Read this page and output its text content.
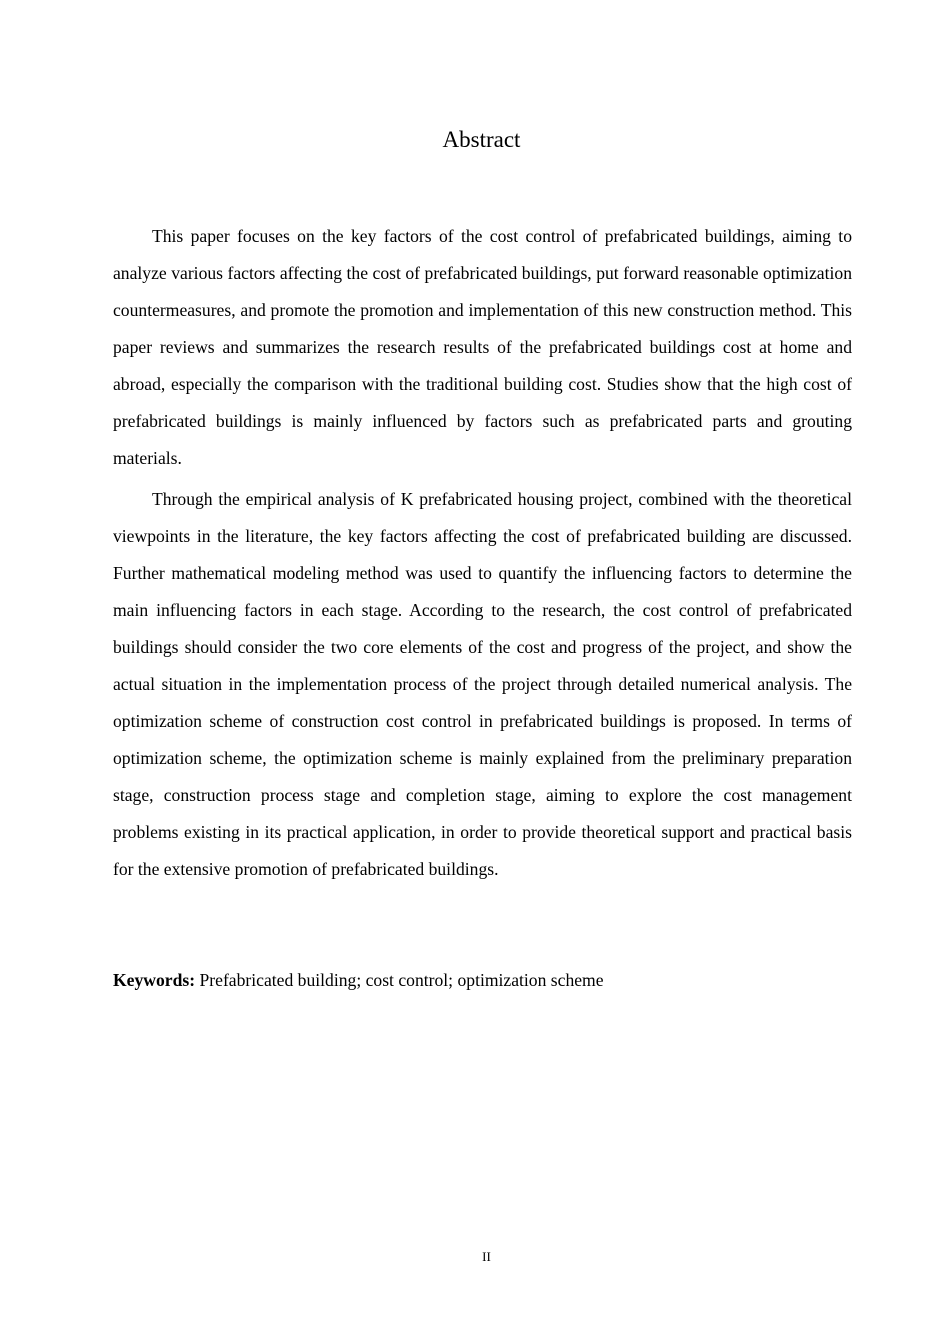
Abstract

This paper focuses on the key factors of the cost control of prefabricated buildings, aiming to analyze various factors affecting the cost of prefabricated buildings, put forward reasonable optimization countermeasures, and promote the promotion and implementation of this new construction method. This paper reviews and summarizes the research results of the prefabricated buildings cost at home and abroad, especially the comparison with the traditional building cost. Studies show that the high cost of prefabricated buildings is mainly influenced by factors such as prefabricated parts and grouting materials.

Through the empirical analysis of K prefabricated housing project, combined with the theoretical viewpoints in the literature, the key factors affecting the cost of prefabricated building are discussed. Further mathematical modeling method was used to quantify the influencing factors to determine the main influencing factors in each stage. According to the research, the cost control of prefabricated buildings should consider the two core elements of the cost and progress of the project, and show the actual situation in the implementation process of the project through detailed numerical analysis. The optimization scheme of construction cost control in prefabricated buildings is proposed. In terms of optimization scheme, the optimization scheme is mainly explained from the preliminary preparation stage, construction process stage and completion stage, aiming to explore the cost management problems existing in its practical application, in order to provide theoretical support and practical basis for the extensive promotion of prefabricated buildings.

Keywords: Prefabricated building; cost control; optimization scheme

II
